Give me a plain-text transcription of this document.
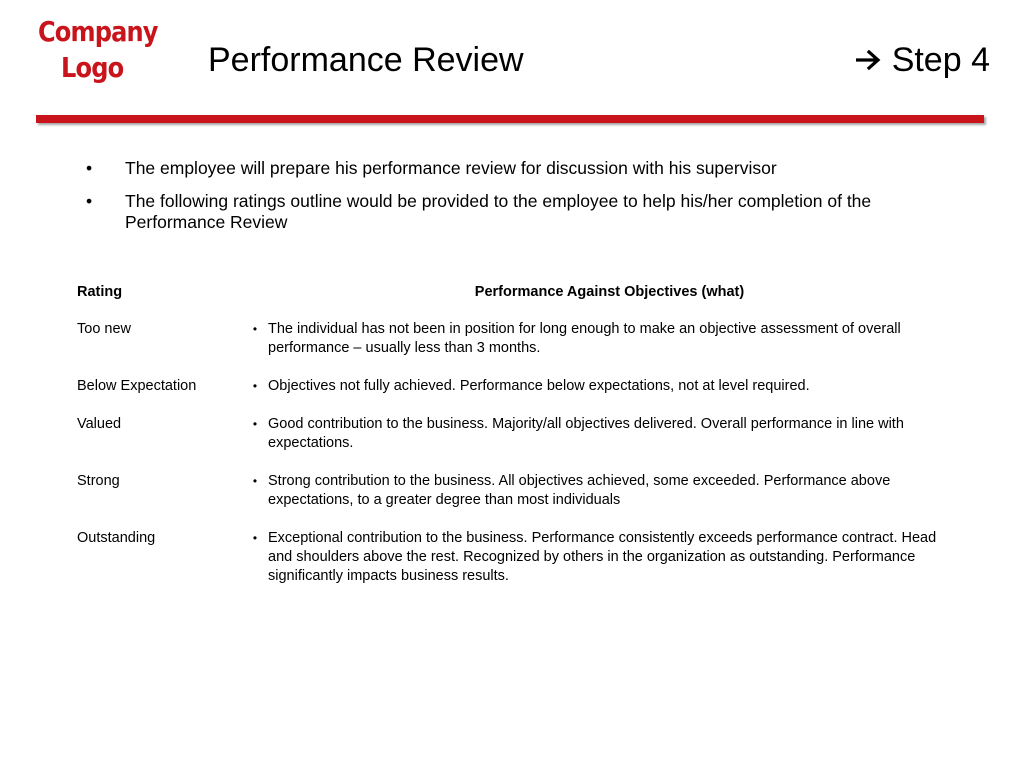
Company
Logo	Performance Review	Step 4
• The employee will prepare his performance review for discussion with his supervisor
• The following ratings outline would be provided to the employee to help his/her completion of the Performance Review
Rating	Performance Against Objectives (what)
Too new	• The individual has not been in position for long enough to make an objective assessment of overall performance – usually less than 3 months.
Below Expectation	• Objectives not fully achieved. Performance below expectations, not at level required.
Valued	• Good contribution to the business. Majority/all objectives delivered. Overall performance in line with expectations.
Strong	• Strong contribution to the business. All objectives achieved, some exceeded. Performance above expectations, to a greater degree than most individuals
Outstanding	• Exceptional contribution to the business. Performance consistently exceeds performance contract. Head and shoulders above the rest. Recognized by others in the organization as outstanding. Performance significantly impacts business results.
